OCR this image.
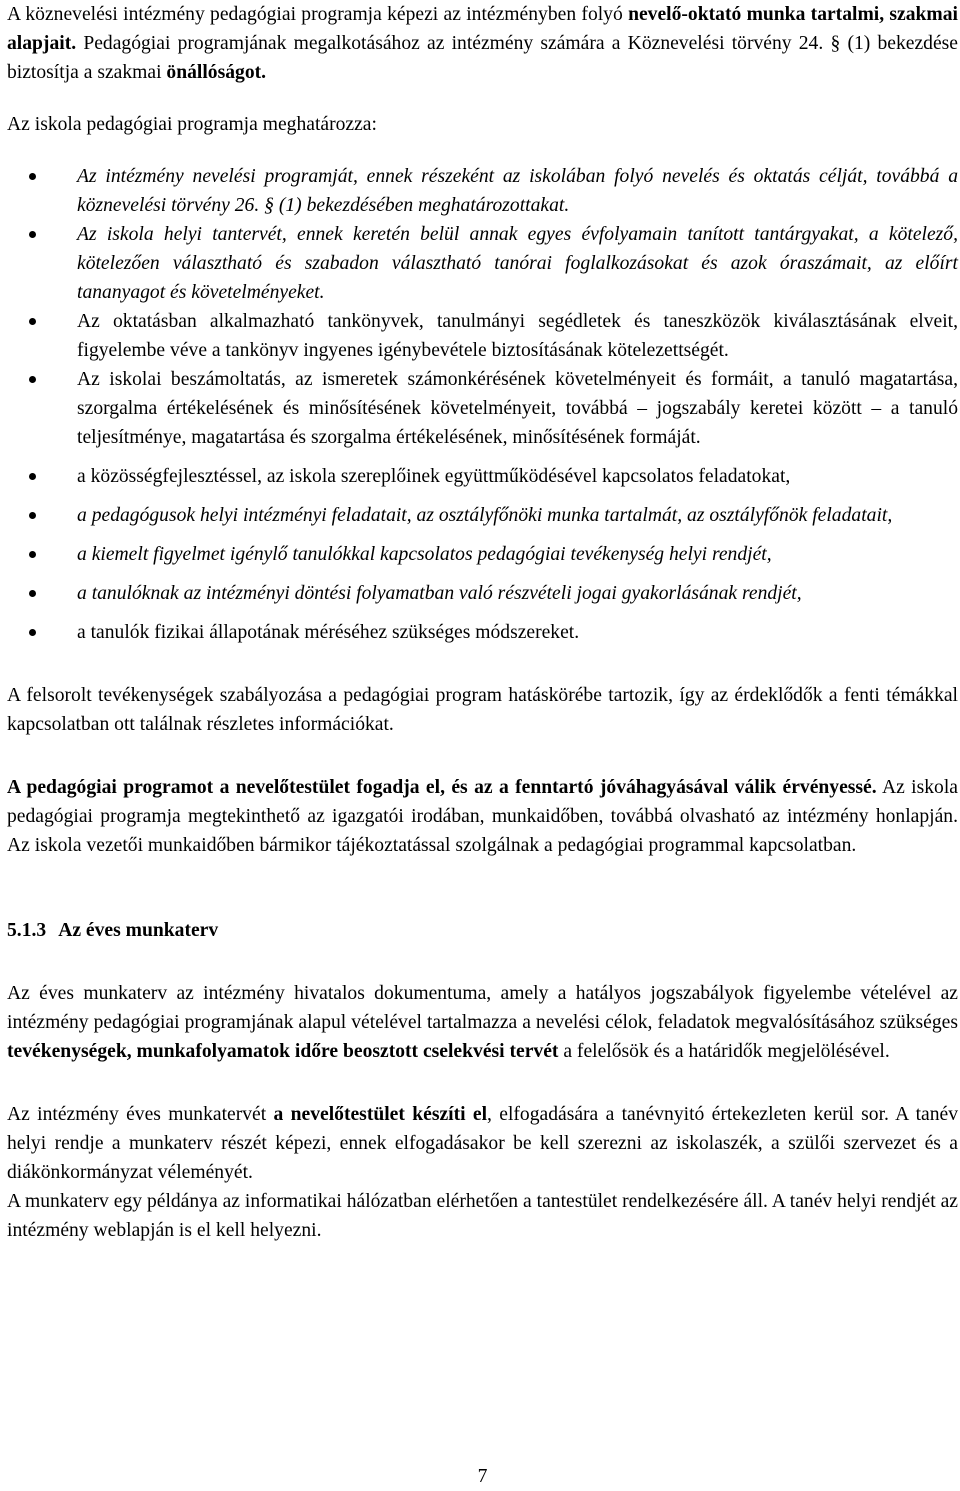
A köznevelési intézmény pedagógiai programja képezi az intézményben folyó nevelő-oktató munka tartalmi, szakmai alapjait. Pedagógiai programjának megalkotásához az intézmény számára a Köznevelési törvény 24. § (1) bekezdése biztosítja a szakmai önállóságot.

Az iskola pedagógiai programja meghatározza:

Az intézmény nevelési programját, ennek részeként az iskolában folyó nevelés és oktatás célját, továbbá a köznevelési törvény 26. § (1) bekezdésében meghatározottakat.
Az iskola helyi tantervét, ennek keretén belül annak egyes évfolyamain tanított tantárgyakat, a kötelező, kötelezően választható és szabadon választható tanórai foglalkozásokat és azok óraszámait, az előírt tananyagot és követelményeket.
Az oktatásban alkalmazható tankönyvek, tanulmányi segédletek és taneszközök kiválasztásának elveit, figyelembe véve a tankönyv ingyenes igénybevétele biztosításának kötelezettségét.
Az iskolai beszámoltatás, az ismeretek számonkérésének követelményeit és formáit, a tanuló magatartása, szorgalma értékelésének és minősítésének követelményeit, továbbá – jogszabály keretei között – a tanuló teljesítménye, magatartása és szorgalma értékelésének, minősítésének formáját.
a közösségfejlesztéssel, az iskola szereplőinek együttműködésével kapcsolatos feladatokat,
a pedagógusok helyi intézményi feladatait, az osztályfőnöki munka tartalmát, az osztályfőnök feladatait,
a kiemelt figyelmet igénylő tanulókkal kapcsolatos pedagógiai tevékenység helyi rendjét,
a tanulóknak az intézményi döntési folyamatban való részvételi jogai gyakorlásának rendjét,
a tanulók fizikai állapotának méréséhez szükséges módszereket.

A felsorolt tevékenységek szabályozása a pedagógiai program hatáskörébe tartozik, így az érdeklődők a fenti témákkal kapcsolatban ott találnak részletes információkat.

A pedagógiai programot a nevelőtestület fogadja el, és az a fenntartó jóváhagyásával válik érvényessé. Az iskola pedagógiai programja megtekinthető az igazgatói irodában, munkaidőben, továbbá olvasható az intézmény honlapján. Az iskola vezetői munkaidőben bármikor tájékoztatással szolgálnak a pedagógiai programmal kapcsolatban.

5.1.3 Az éves munkaterv

Az éves munkaterv az intézmény hivatalos dokumentuma, amely a hatályos jogszabályok figyelembe vételével az intézmény pedagógiai programjának alapul vételével tartalmazza a nevelési célok, feladatok megvalósításához szükséges tevékenységek, munkafolyamatok időre beosztott cselekvési tervét a felelősök és a határidők megjelölésével.

Az intézmény éves munkatervét a nevelőtestület készíti el, elfogadására a tanévnyitó értekezleten kerül sor. A tanév helyi rendje a munkaterv részét képezi, ennek elfogadásakor be kell szerezni az iskolaszék, a szülői szervezet és a diákönkormányzat véleményét.

A munkaterv egy példánya az informatikai hálózatban elérhetően a tantestület rendelkezésére áll. A tanév helyi rendjét az intézmény weblapján is el kell helyezni.

7
